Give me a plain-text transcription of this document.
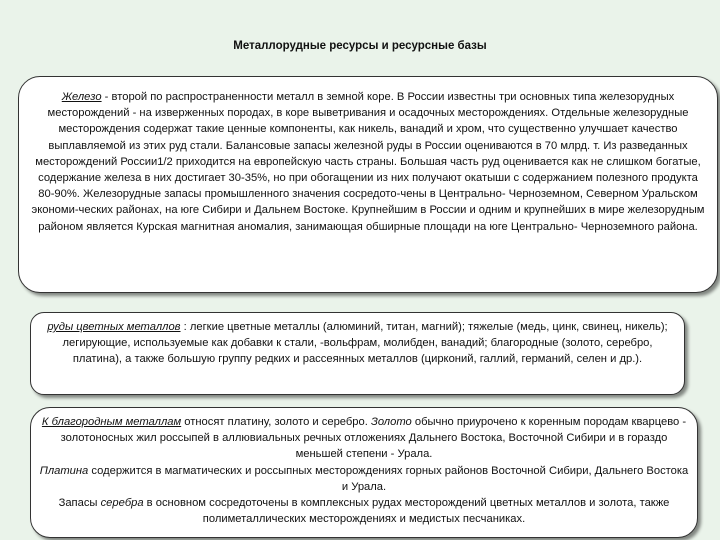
Металлорудные ресурсы и ресурсные базы
Железо - второй по распространенности металл в земной коре. В России известны три основных типа железорудных месторождений - на изверженных породах, в коре выветривания и осадочных месторождениях. Отдельные железорудные месторождения содержат такие ценные компоненты, как никель, ванадий и хром, что существенно улучшает качество выплавляемой из этих руд стали. Балансовые запасы железной руды в России оцениваются в 70 млрд. т. Из разведанных месторождений России1/2 приходится на европейскую часть страны. Большая часть руд оценивается как не слишком богатые, содержание железа в них достигает 30-35%, но при обогащении из них получают окатыши с содержанием полезного продукта 80-90%. Железорудные запасы промышленного значения сосредото-чены в Центрально- Черноземном, Северном Уральском экономи-ческих районах, на юге Сибири и Дальнем Востоке. Крупнейшим в России и одним и крупнейших в мире железорудным районом является Курская магнитная аномалия, занимающая обширные площади на юге Центрально- Черноземного района.
руды цветных металлов : легкие цветные металлы (алюминий, титан, магний); тяжелые (медь, цинк, свинец, никель); легирующие, используемые как добавки к стали, -вольфрам, молибден, ванадий; благородные (золото, серебро, платина), а также большую группу редких и рассеянных металлов (цирконий, галлий, германий, селен и др.).
К благородным металлам относят платину, золото и серебро. Золото обычно приурочено к коренным породам кварцево - золотоносных жил россыпей в аллювиальных речных отложениях Дальнего Востока, Восточной Сибири и в гораздо меньшей степени - Урала.
Платина содержится в магматических и россыпных месторождениях горных районов Восточной Сибири, Дальнего Востока и Урала.
Запасы серебра в основном сосредоточены в комплексных рудах месторождений цветных металлов и золота, также полиметаллических месторождениях и медистых песчаниках.
